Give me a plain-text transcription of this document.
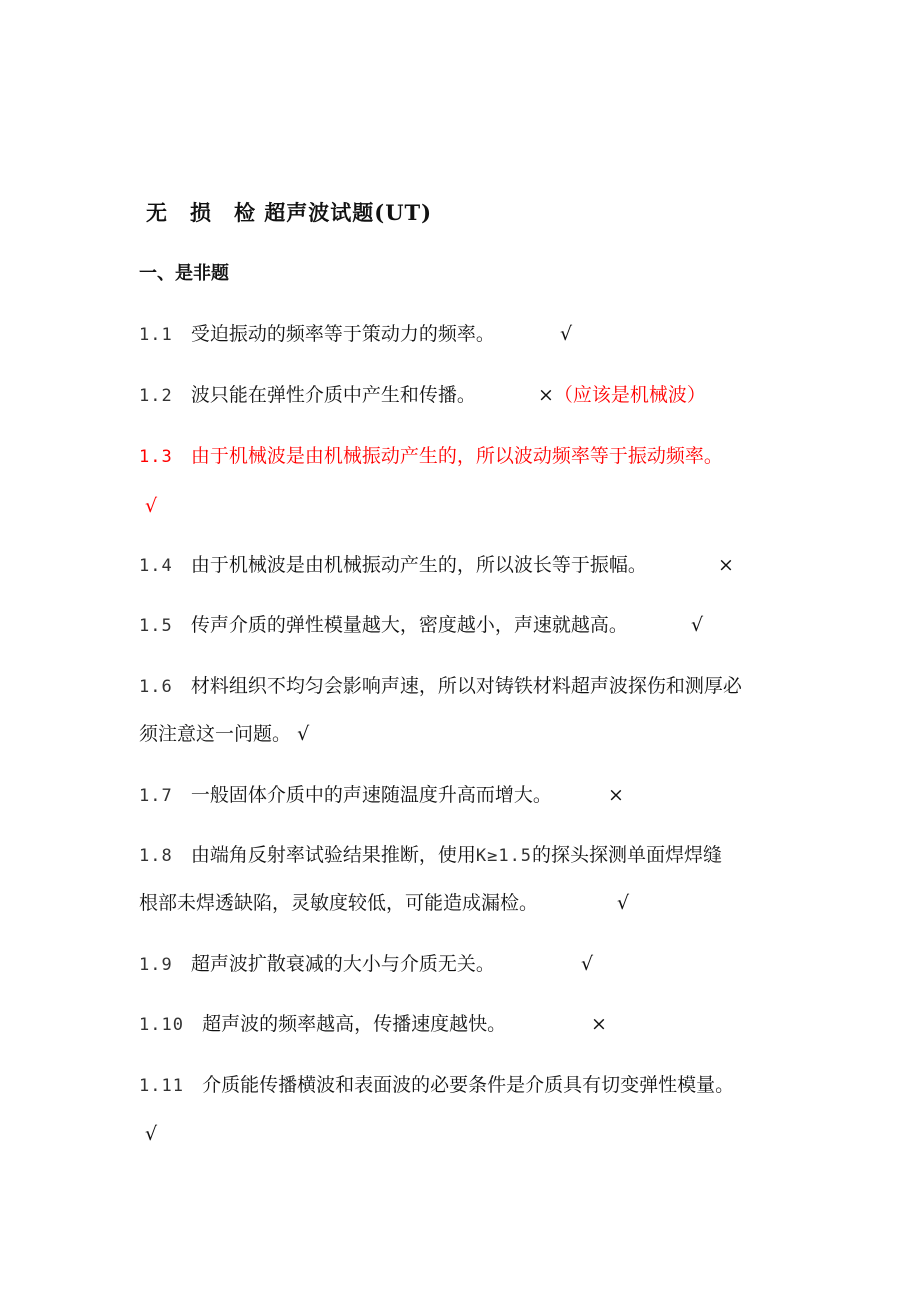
无　损　检 超声波试题(UT)
一、是非题
1.1 受迫振动的频率等于策动力的频率。	√
1.2 波只能在弹性介质中产生和传播。	×（应该是机械波）
1.3 由于机械波是由机械振动产生的，所以波动频率等于振动频率。
√
1.4 由于机械波是由机械振动产生的，所以波长等于振幅。	×
1.5 传声介质的弹性模量越大，密度越小，声速就越高。	√
1.6 材料组织不均匀会影响声速，所以对铸铁材料超声波探伤和测厚必
须注意这一问题。 √
1.7 一般固体介质中的声速随温度升高而增大。	×
1.8 由端角反射率试验结果推断，使用K≥1.5的探头探测单面焊焊缝
根部未焊透缺陷，灵敏度较低，可能造成漏检。	√
1.9 超声波扩散衰减的大小与介质无关。	√
1.10 超声波的频率越高，传播速度越快。	×
1.11 介质能传播横波和表面波的必要条件是介质具有切变弹性模量。
√
